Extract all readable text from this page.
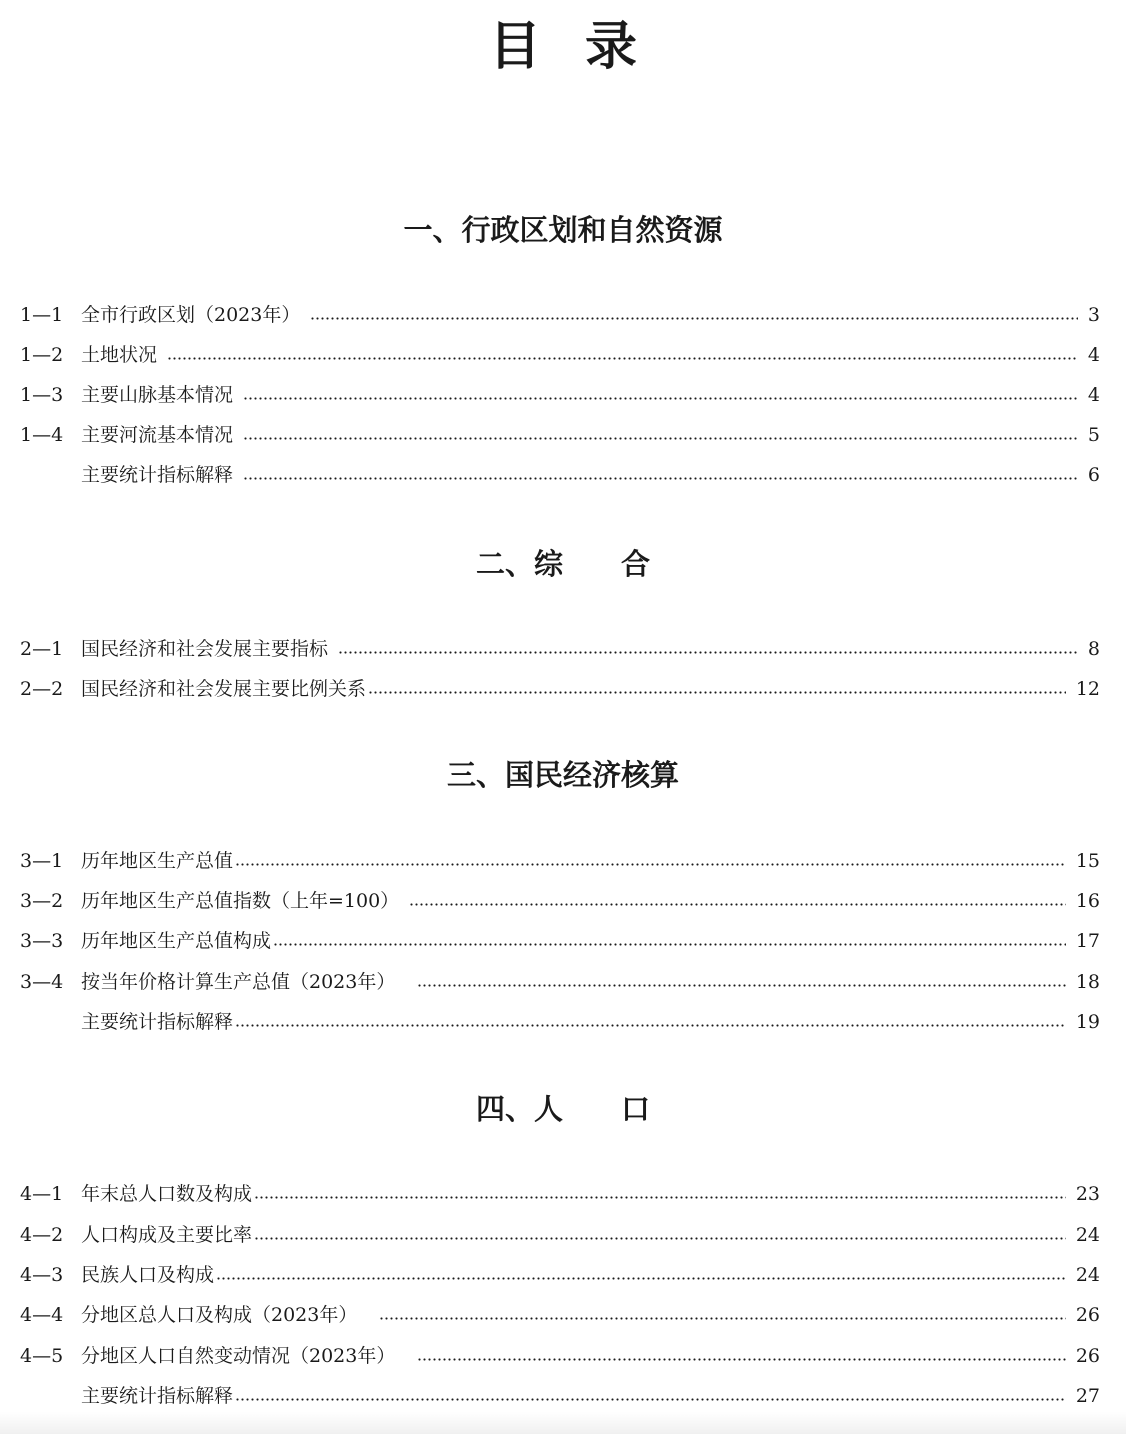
目录
一、行政区划和自然资源
1—1 全市行政区划（2023年）	3
1—2 土地状况	4
1—3 主要山脉基本情况	4
1—4 主要河流基本情况	5
主要统计指标解释	6
二、综　　合
2—1 国民经济和社会发展主要指标	8
2—2 国民经济和社会发展主要比例关系	12
三、国民经济核算
3—1 历年地区生产总值	15
3—2 历年地区生产总值指数（上年=100）	16
3—3 历年地区生产总值构成	17
3—4 按当年价格计算生产总值（2023年）	18
主要统计指标解释	19
四、人　　口
4—1 年末总人口数及构成	23
4—2 人口构成及主要比率	24
4—3 民族人口及构成	24
4—4 分地区总人口及构成（2023年）	26
4—5 分地区人口自然变动情况（2023年）	26
主要统计指标解释	27
